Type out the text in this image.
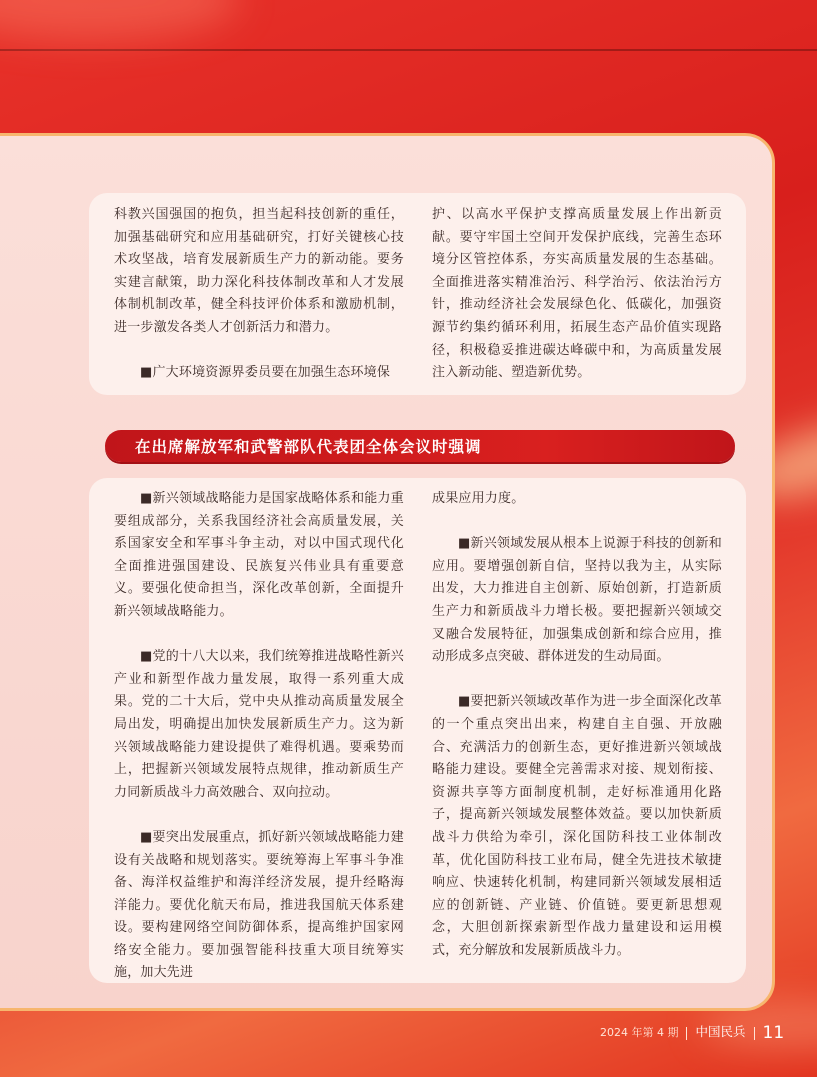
科教兴国强国的抱负，担当起科技创新的重任，加强基础研究和应用基础研究，打好关键核心技术攻坚战，培育发展新质生产力的新动能。要务实建言献策，助力深化科技体制改革和人才发展体制机制改革，健全科技评价体系和激励机制，进一步激发各类人才创新活力和潜力。

■广大环境资源界委员要在加强生态环境保

护、以高水平保护支撑高质量发展上作出新贡献。要守牢国土空间开发保护底线，完善生态环境分区管控体系，夯实高质量发展的生态基础。全面推进落实精准治污、科学治污、依法治污方针，推动经济社会发展绿色化、低碳化，加强资源节约集约循环利用，拓展生态产品价值实现路径，积极稳妥推进碳达峰碳中和，为高质量发展注入新动能、塑造新优势。

在出席解放军和武警部队代表团全体会议时强调

■新兴领域战略能力是国家战略体系和能力重要组成部分，关系我国经济社会高质量发展，关系国家安全和军事斗争主动，对以中国式现代化全面推进强国建设、民族复兴伟业具有重要意义。要强化使命担当，深化改革创新，全面提升新兴领域战略能力。

■党的十八大以来，我们统筹推进战略性新兴产业和新型作战力量发展，取得一系列重大成果。党的二十大后，党中央从推动高质量发展全局出发，明确提出加快发展新质生产力。这为新兴领域战略能力建设提供了难得机遇。要乘势而上，把握新兴领域发展特点规律，推动新质生产力同新质战斗力高效融合、双向拉动。

■要突出发展重点，抓好新兴领域战略能力建设有关战略和规划落实。要统筹海上军事斗争准备、海洋权益维护和海洋经济发展，提升经略海洋能力。要优化航天布局，推进我国航天体系建设。要构建网络空间防御体系，提高维护国家网络安全能力。要加强智能科技重大项目统筹实施，加大先进

成果应用力度。

■新兴领域发展从根本上说源于科技的创新和应用。要增强创新自信，坚持以我为主，从实际出发，大力推进自主创新、原始创新，打造新质生产力和新质战斗力增长极。要把握新兴领域交叉融合发展特征，加强集成创新和综合应用，推动形成多点突破、群体迸发的生动局面。

■要把新兴领域改革作为进一步全面深化改革的一个重点突出出来，构建自主自强、开放融合、充满活力的创新生态，更好推进新兴领域战略能力建设。要健全完善需求对接、规划衔接、资源共享等方面制度机制，走好标准通用化路子，提高新兴领域发展整体效益。要以加快新质战斗力供给为牵引，深化国防科技工业体制改革，优化国防科技工业布局，健全先进技术敏捷响应、快速转化机制，构建同新兴领域发展相适应的创新链、产业链、价值链。要更新思想观念，大胆创新探索新型作战力量建设和运用模式，充分解放和发展新质战斗力。

2024 年第 4 期 中国民兵 11
